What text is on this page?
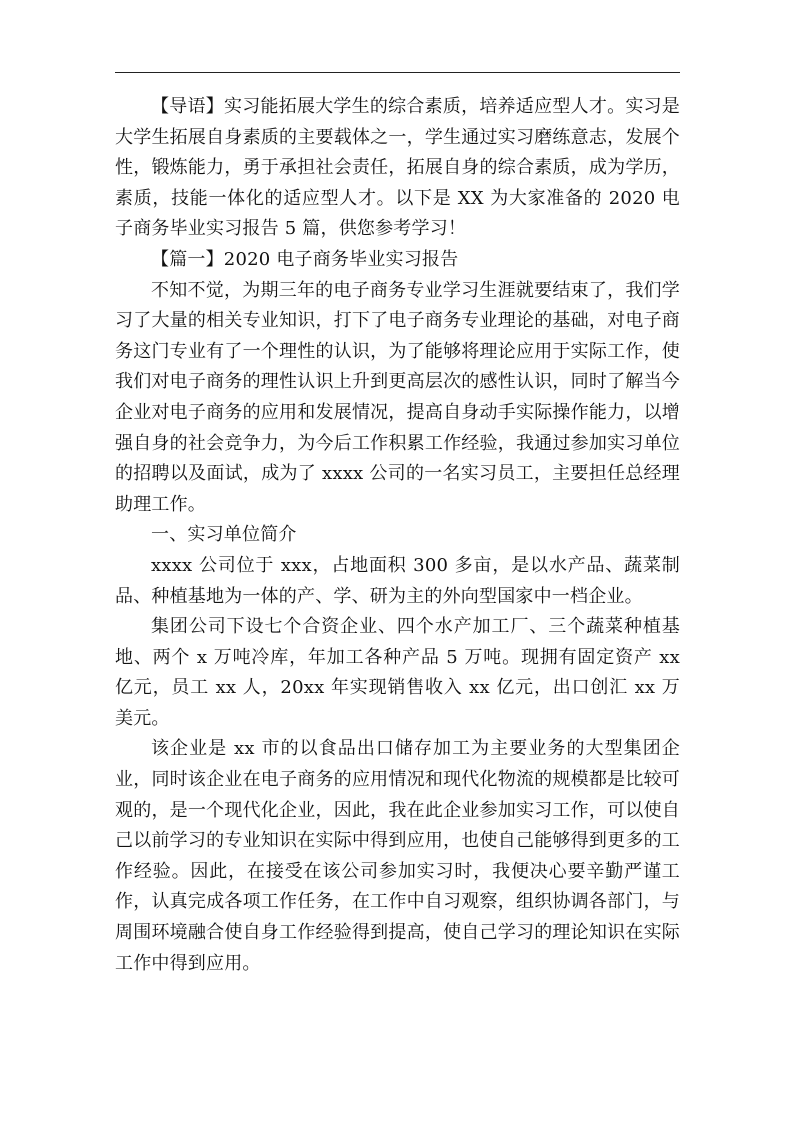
【导语】实习能拓展大学生的综合素质，培养适应型人才。实习是大学生拓展自身素质的主要载体之一，学生通过实习磨练意志，发展个性，锻炼能力，勇于承担社会责任，拓展自身的综合素质，成为学历，素质，技能一体化的适应型人才。以下是 XX 为大家准备的 2020 电子商务毕业实习报告 5 篇，供您参考学习！

【篇一】2020 电子商务毕业实习报告

不知不觉，为期三年的电子商务专业学习生涯就要结束了，我们学习了大量的相关专业知识，打下了电子商务专业理论的基础，对电子商务这门专业有了一个理性的认识，为了能够将理论应用于实际工作，使我们对电子商务的理性认识上升到更高层次的感性认识，同时了解当今企业对电子商务的应用和发展情况，提高自身动手实际操作能力，以增强自身的社会竞争力，为今后工作积累工作经验，我通过参加实习单位的招聘以及面试，成为了 xxxx 公司的一名实习员工，主要担任总经理助理工作。

一、实习单位简介

xxxx 公司位于 xxx，占地面积 300 多亩，是以水产品、蔬菜制品、种植基地为一体的产、学、研为主的外向型国家中一档企业。

集团公司下设七个合资企业、四个水产加工厂、三个蔬菜种植基地、两个 x 万吨冷库，年加工各种产品 5 万吨。现拥有固定资产 xx 亿元，员工 xx 人，20xx 年实现销售收入 xx 亿元，出口创汇 xx 万美元。

该企业是 xx 市的以食品出口储存加工为主要业务的大型集团企业，同时该企业在电子商务的应用情况和现代化物流的规模都是比较可观的，是一个现代化企业，因此，我在此企业参加实习工作，可以使自己以前学习的专业知识在实际中得到应用，也使自己能够得到更多的工作经验。因此，在接受在该公司参加实习时，我便决心要辛勤严谨工作，认真完成各项工作任务，在工作中自习观察，组织协调各部门，与周围环境融合使自身工作经验得到提高，使自己学习的理论知识在实际工作中得到应用。
